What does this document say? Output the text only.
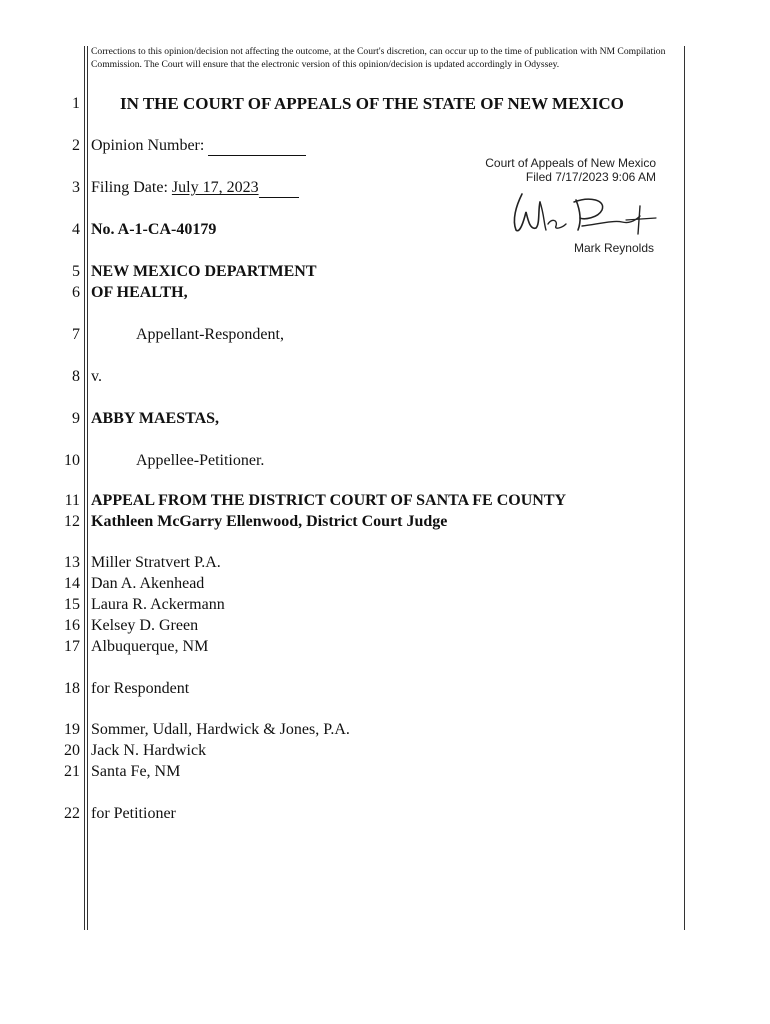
Corrections to this opinion/decision not affecting the outcome, at the Court's discretion, can occur up to the time of publication with NM Compilation Commission. The Court will ensure that the electronic version of this opinion/decision is updated accordingly in Odyssey.
1 IN THE COURT OF APPEALS OF THE STATE OF NEW MEXICO
2 Opinion Number:
3 Filing Date: July 17, 2023
4 No. A-1-CA-40179
5 NEW MEXICO DEPARTMENT
6 OF HEALTH,
7	Appellant-Respondent,
8 v.
9 ABBY MAESTAS,
10	Appellee-Petitioner.
11 APPEAL FROM THE DISTRICT COURT OF SANTA FE COUNTY
12 Kathleen McGarry Ellenwood, District Court Judge
13 Miller Stratvert P.A.
14 Dan A. Akenhead
15 Laura R. Ackermann
16 Kelsey D. Green
17 Albuquerque, NM
18 for Respondent
19 Sommer, Udall, Hardwick & Jones, P.A.
20 Jack N. Hardwick
21 Santa Fe, NM
22 for Petitioner
Court of Appeals of New Mexico
Filed 7/17/2023 9:06 AM
Mark Reynolds
